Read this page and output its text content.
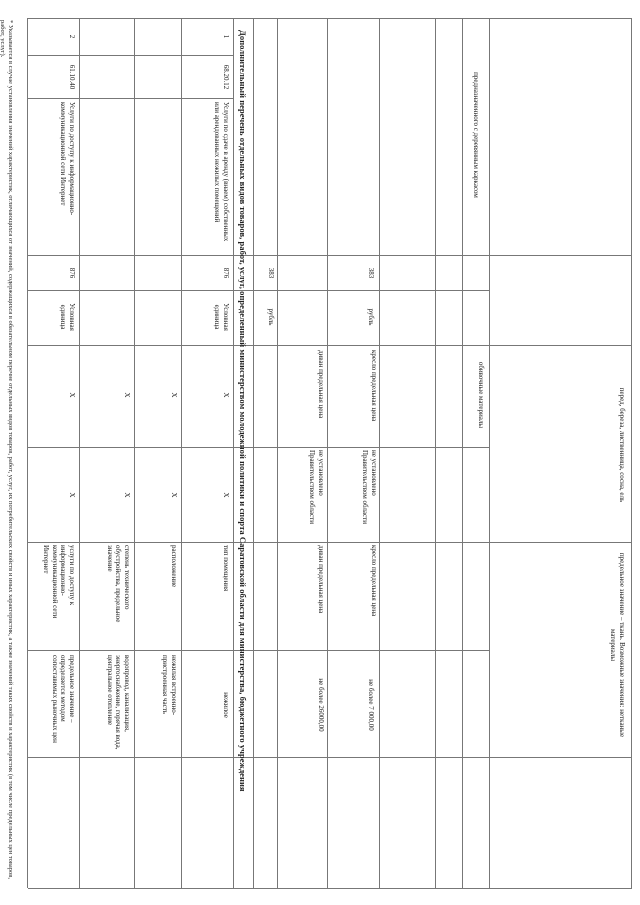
предназначенного с деревянным каркасом
перед, береза, лиственница, сосна, ель
предельное значение – ткань. Возможные значения: нетканые материалы
383
383
рубль
рубль
обивочные материалы
кресло предельная цена
диван предельная цена
не установлено Правительством области
не установлено Правительством области
кресло предельная цена
диван предельная цена
не более 7 000,00
не более 26000,00
Дополнительный перечень отдельных видов товаров, работ, услуг, определенный министерством молодежной политики и спорта Саратовской области для министерства, бюджетного учреждения
1
68.20.12
Услуги по сдаче в аренду (внаем) собственных или арендованных нежилых помещений
876
Условная единица
X
X
тип помещения
нежилое
X
X
расположение
нежилая встроенно-пристроенная часть
X
X
степень технического обустройства, предельное значение
водопровод, канализация, энергоснабжение, горячая вода, центральное отопление
2
61.10.40
Услуги по доступу к информационно-коммуникационной сети Интернет
876
Условная единица
X
X
услуги по доступу к информационно-коммуникационной сети Интернет
предельное значение – определяется методом сопоставимых рыночных цен
* Указывается в случае установления значений характеристик, отличающихся от значений, содержащихся в обязательном перечне отдельных видов товаров, работ, услуг, их потребительских свойств и иных характеристик, а также значений таких свойств и характеристик (в том числе предельных цен товаров, работ, услуг).
